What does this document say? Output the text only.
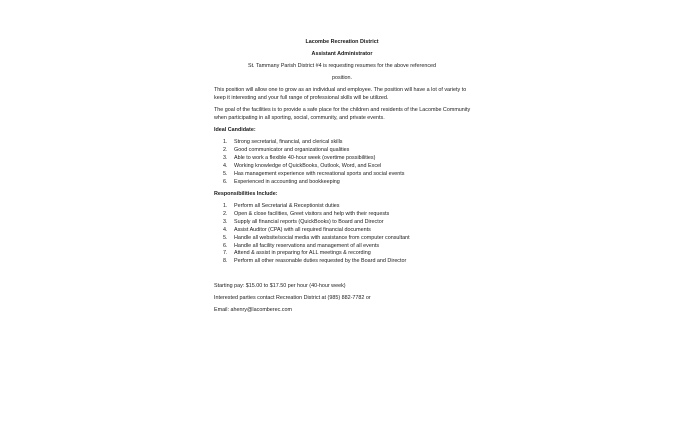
Lacombe Recreation District
Assistant Administrator
St. Tammany Parish District #4 is requesting resumes for the above referenced
position.

This position will allow one to grow as an individual and employee. The position will have a lot of variety to keep it interesting and your full range of professional skills will be utilized.

The goal of the facilities is to provide a safe place for the children and residents of the Lacombe Community when participating in all sporting, social, community, and private events.

Ideal Candidate:
1.	Strong secretarial, financial, and clerical skills
2.	Good communicator and organizational qualities
3.	Able to work a flexible 40-hour week (overtime possibilities)
4.	Working knowledge of QuickBooks, Outlook, Word, and Excel
5.	Has management experience with recreational sports and social events
6.	Experienced in accounting and bookkeeping
Responsibilities Include:
1.	Perform all Secretarial & Receptionist duties
2.	Open & close facilities, Greet visitors and help with their requests
3.	Supply all financial reports (QuickBooks) to Board and Director
4.	Assist Auditor (CPA) with all required financial documents
5.	Handle all website/social media with assistance from computer consultant
6.	Handle all facility reservations and management of all events
7.	Attend & assist in preparing for ALL meetings & recording
8.	Perform all other reasonable duties requested by the Board and Director
Starting pay: $15.00 to $17.50 per hour (40-hour week)
Interested parties contact Recreation District at (985) 882-7782 or
Email: ahenry@lacomberec.com
